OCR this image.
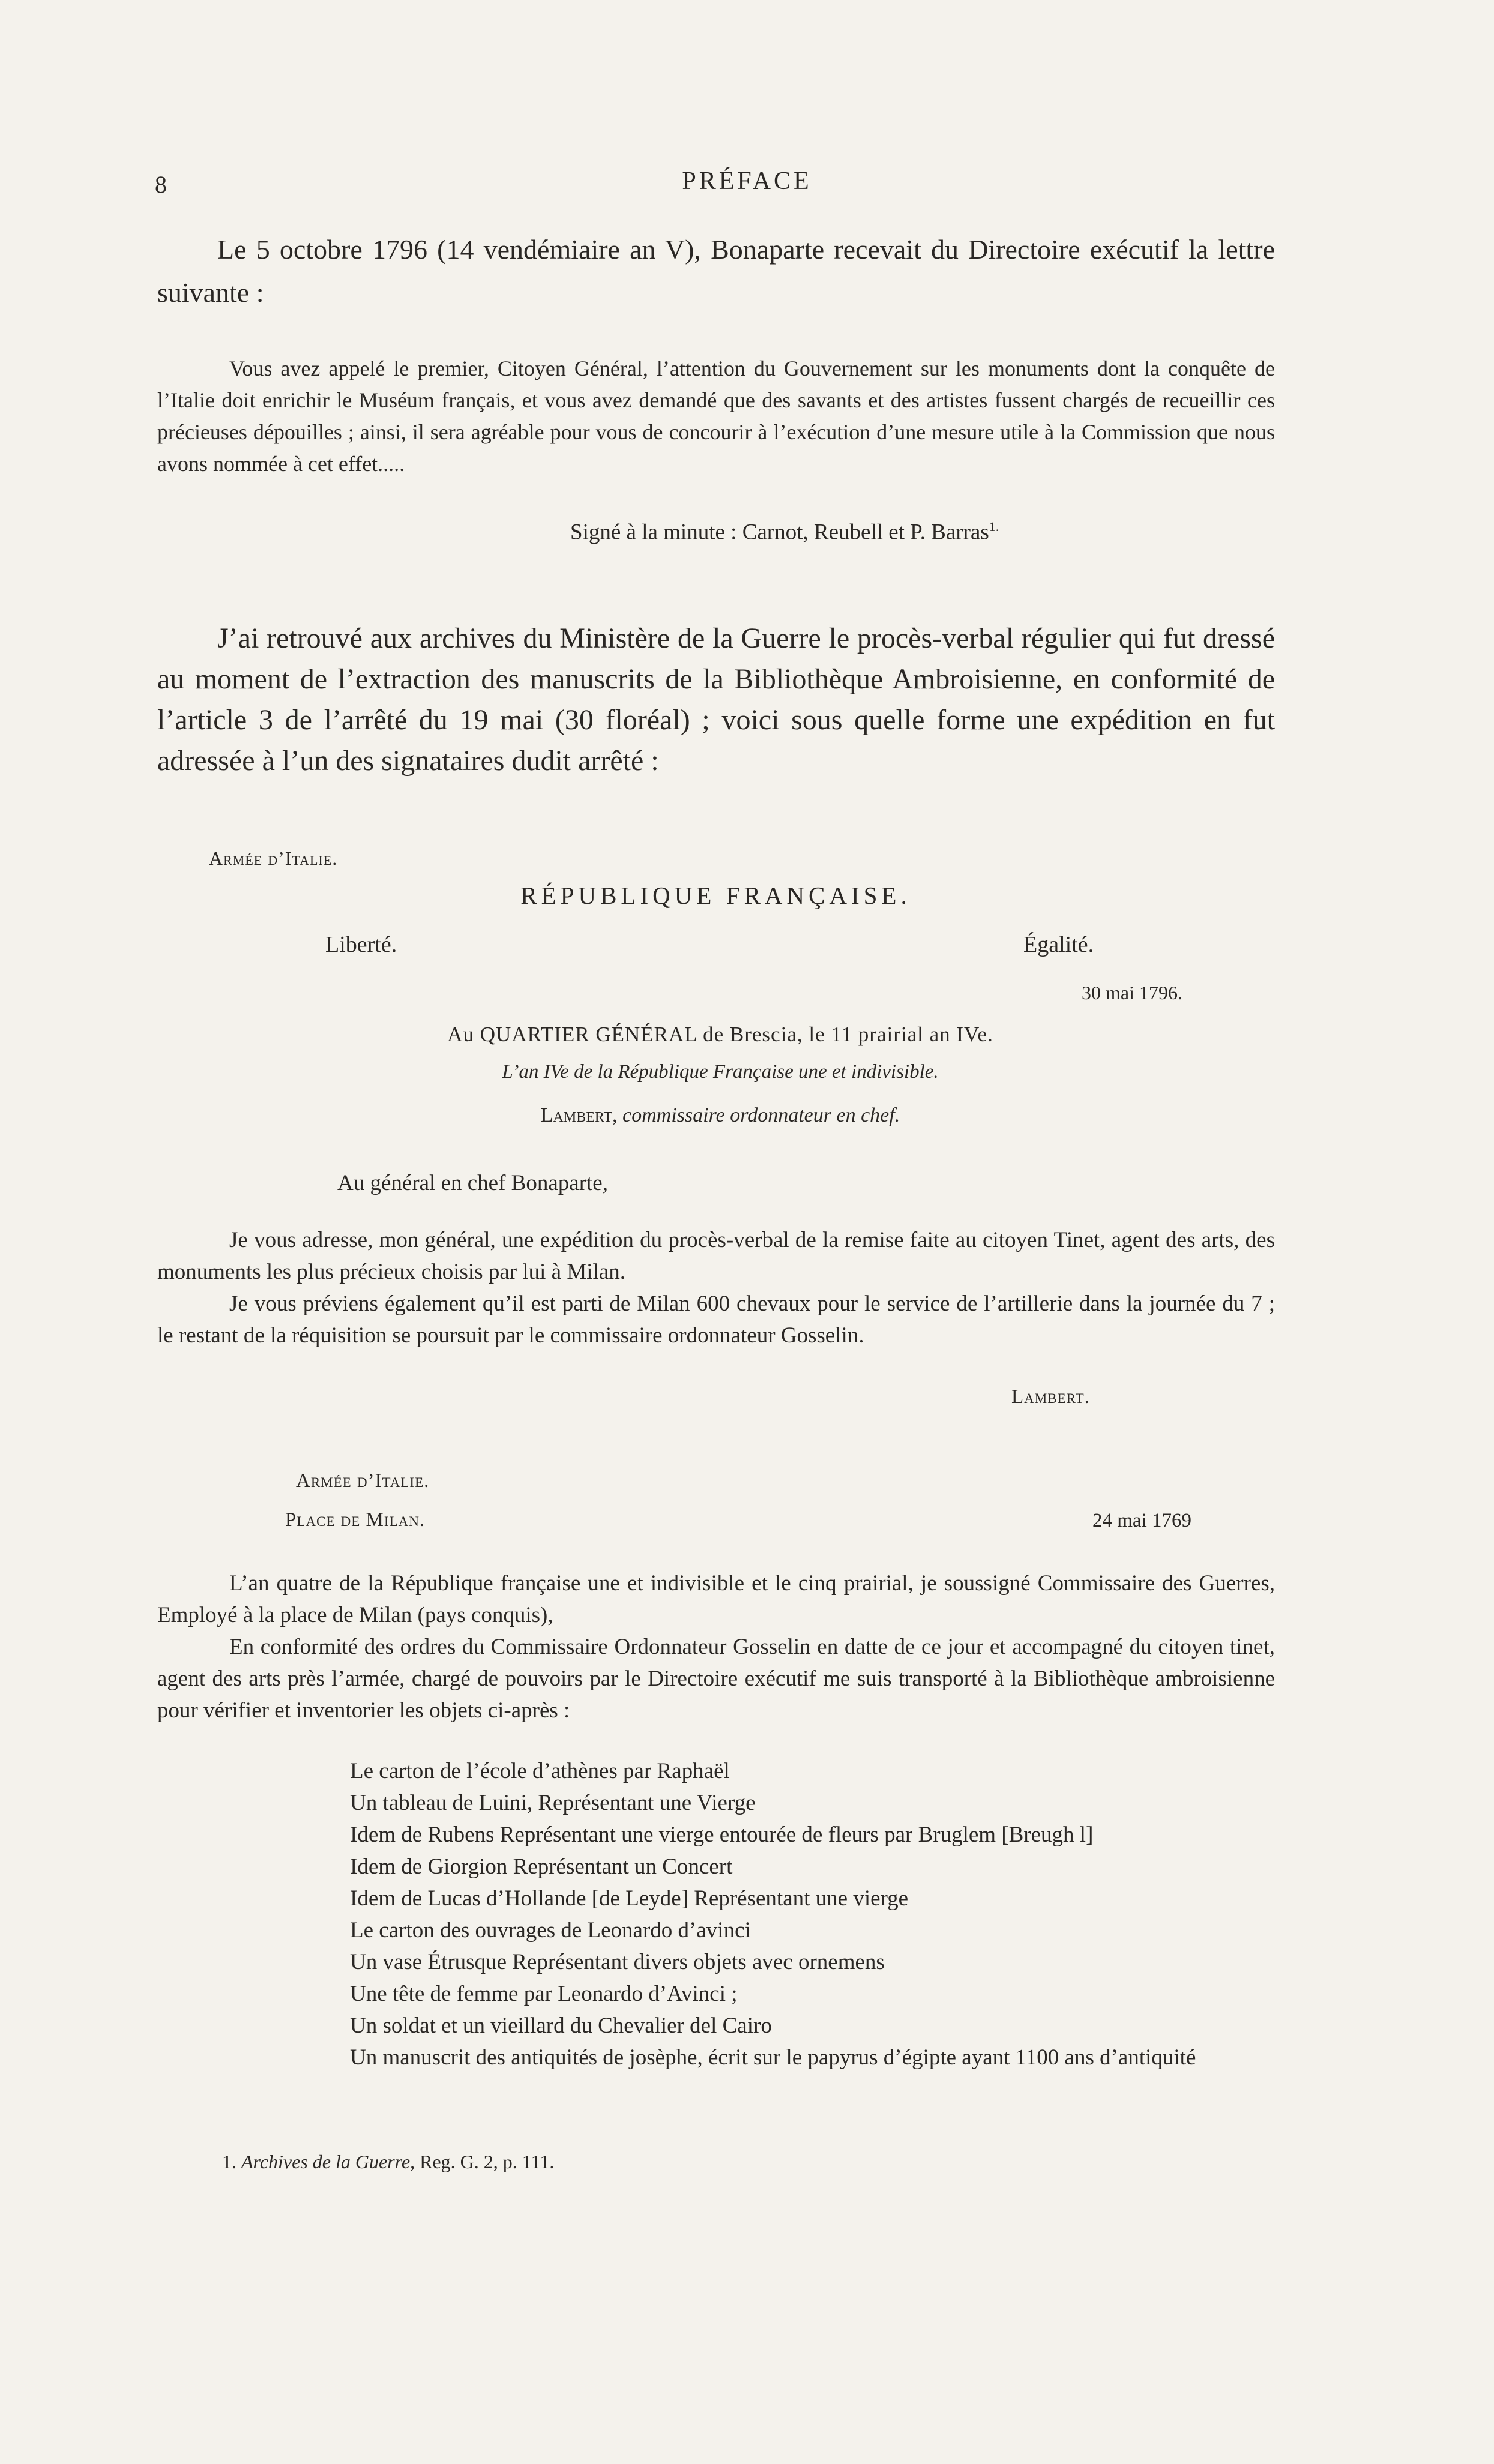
8	PRÉFACE
Le 5 octobre 1796 (14 vendémiaire an V), Bonaparte recevait du Directoire exécutif la lettre suivante :
Vous avez appelé le premier, Citoyen Général, l’attention du Gouvernement sur les monuments dont la conquête de l’Italie doit enrichir le Muséum français, et vous avez demandé que des savants et des artistes fussent chargés de recueillir ces précieuses dépouilles ; ainsi, il sera agréable pour vous de concourir à l’exécution d’une mesure utile à la Commission que nous avons nommée à cet effet.....
Signé à la minute : Carnot, Reubell et P. Barras$^{1.}$
J’ai retrouvé aux archives du Ministère de la Guerre le procès-verbal régulier qui fut dressé au moment de l’extraction des manuscrits de la Bibliothèque Ambroisienne, en conformité de l’article 3 de l’arrêté du 19 mai (30 floréal) ; voici sous quelle forme une expédition en fut adressée à l’un des signataires dudit arrêté :
Armée d’Italie.
RÉPUBLIQUE FRANÇAISE.
Liberté.	Égalité.
30 mai 1796.
Au QUARTIER GÉNÉRAL de Brescia, le 11 prairial an IVe.
L’an IVe de la République Française une et indivisible.
Lambert, commissaire ordonnateur en chef.
Au général en chef Bonaparte,
Je vous adresse, mon général, une expédition du procès-verbal de la remise faite au citoyen Tinet, agent des arts, des monuments les plus précieux choisis par lui à Milan.
Je vous préviens également qu’il est parti de Milan 600 chevaux pour le service de l’artillerie dans la journée du 7 ; le restant de la réquisition se poursuit par le commissaire ordonnateur Gosselin.
Lambert.
Armée d’Italie.
Place de Milan.	24 mai 1769
L’an quatre de la République française une et indivisible et le cinq prairial, je soussigné Commissaire des Guerres, Employé à la place de Milan (pays conquis),
En conformité des ordres du Commissaire Ordonnateur Gosselin en datte de ce jour et accompagné du citoyen tinet, agent des arts près l’armée, chargé de pouvoirs par le Directoire exécutif me suis transporté à la Bibliothèque ambroisienne pour vérifier et inventorier les objets ci-après :
Le carton de l’école d’athènes par Raphaël
Un tableau de Luini, Représentant une Vierge
Idem de Rubens Représentant une vierge entourée de fleurs par Bruglem [Breugh l]
Idem de Giorgion Représentant un Concert
Idem de Lucas d’Hollande [de Leyde] Représentant une vierge
Le carton des ouvrages de Leonardo d’avinci
Un vase Étrusque Représentant divers objets avec ornemens
Une tête de femme par Leonardo d’Avinci ;
Un soldat et un vieillard du Chevalier del Cairo
Un manuscrit des antiquités de josèphe, écrit sur le papyrus d’égipte ayant 1100 ans d’antiquité
1. Archives de la Guerre, Reg. G. 2, p. 111.
